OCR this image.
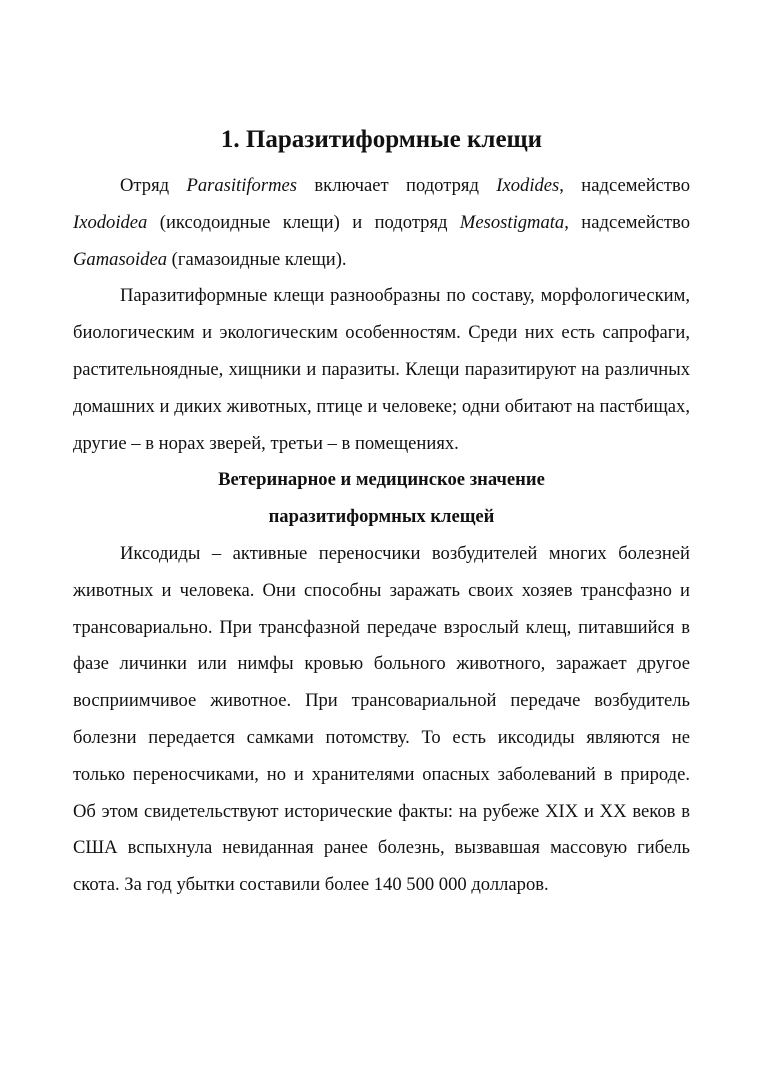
1. Паразитиформные клещи

Отряд Parasitiformes включает подотряд Ixodides, надсемейство Ixodoidea (иксодоидные клещи) и подотряд Mesostigmata, надсемейство Gamasoidea (гамазоидные клещи).

Паразитиформные клещи разнообразны по составу, морфологическим, биологическим и экологическим особенностям. Среди них есть сапрофаги, растительноядные, хищники и паразиты. Клещи паразитируют на различных домашних и диких животных, птице и человеке; одни обитают на пастбищах, другие – в норах зверей, третьи – в помещениях.

Ветеринарное и медицинское значение
паразитиформных клещей

Иксодиды – активные переносчики возбудителей многих болезней животных и человека. Они способны заражать своих хозяев трансфазно и трансовариально. При трансфазной передаче взрослый клещ, питавшийся в фазе личинки или нимфы кровью больного животного, заражает другое восприимчивое животное. При трансовариальной передаче возбудитель болезни передается самками потомству. То есть иксодиды являются не только переносчиками, но и хранителями опасных заболеваний в природе. Об этом свидетельствуют исторические факты: на рубеже XIX и XX веков в США вспыхнула невиданная ранее болезнь, вызвавшая массовую гибель скота. За год убытки составили более 140 500 000 долларов.
